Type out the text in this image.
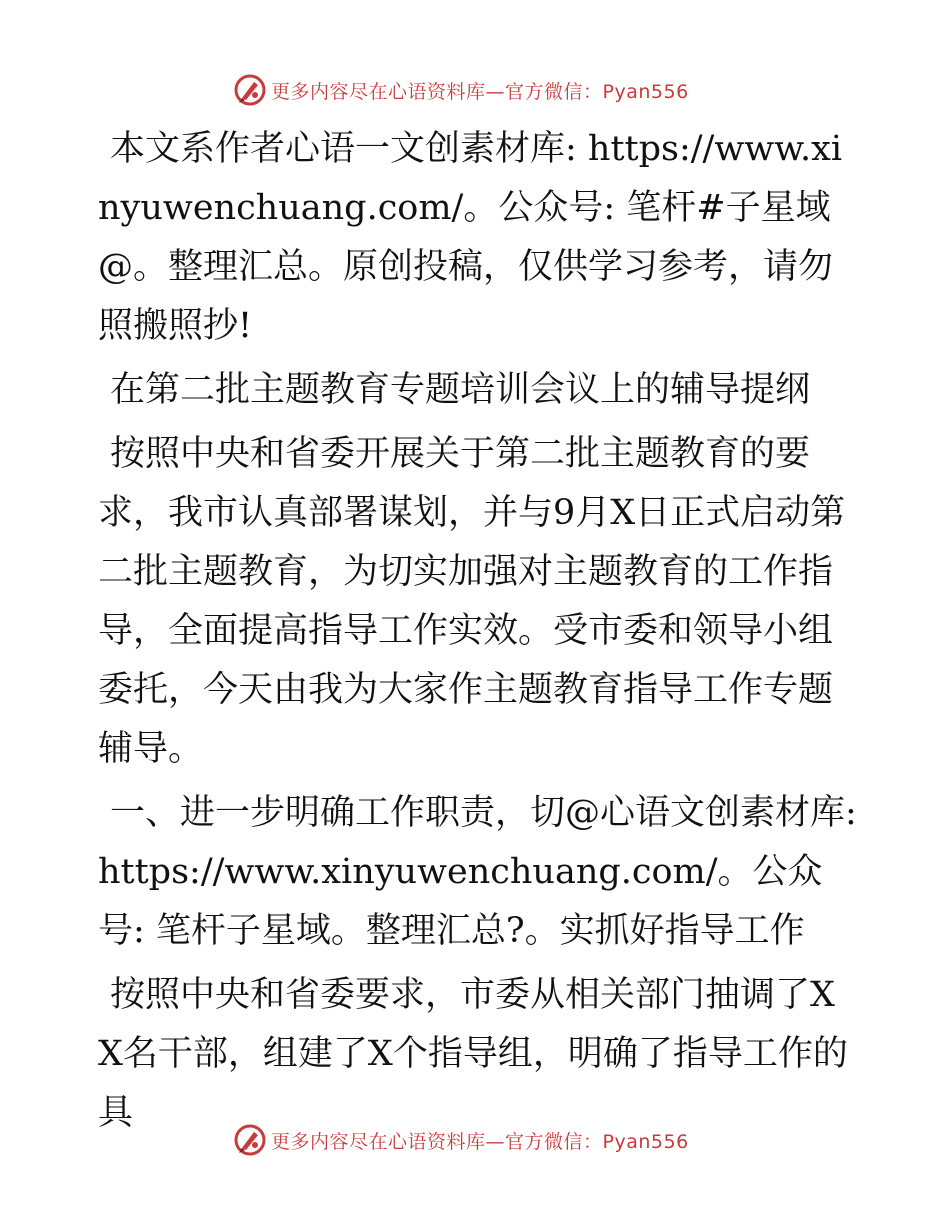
更多内容尽在心语资料库—官方微信：Pyan556

本文系作者心语一文创素材库: https://www.xinyuwenchuang.com/。公众号: 笔杆#子星域@。整理汇总。原创投稿，仅供学习参考，请勿照搬照抄!

在第二批主题教育专题培训会议上的辅导提纲

按照中央和省委开展关于第二批主题教育的要求，我市认真部署谋划，并与9月X日正式启动第二批主题教育，为切实加强对主题教育的工作指导，全面提高指导工作实效。受市委和领导小组委托，今天由我为大家作主题教育指导工作专题辅导。

一、进一步明确工作职责，切@心语文创素材库: https://www.xinyuwenchuang.com/。公众号: 笔杆子星域。整理汇总?。实抓好指导工作

按照中央和省委要求，市委从相关部门抽调了XX名干部，组建了X个指导组，明确了指导工作的具

更多内容尽在心语资料库—官方微信：Pyan556
